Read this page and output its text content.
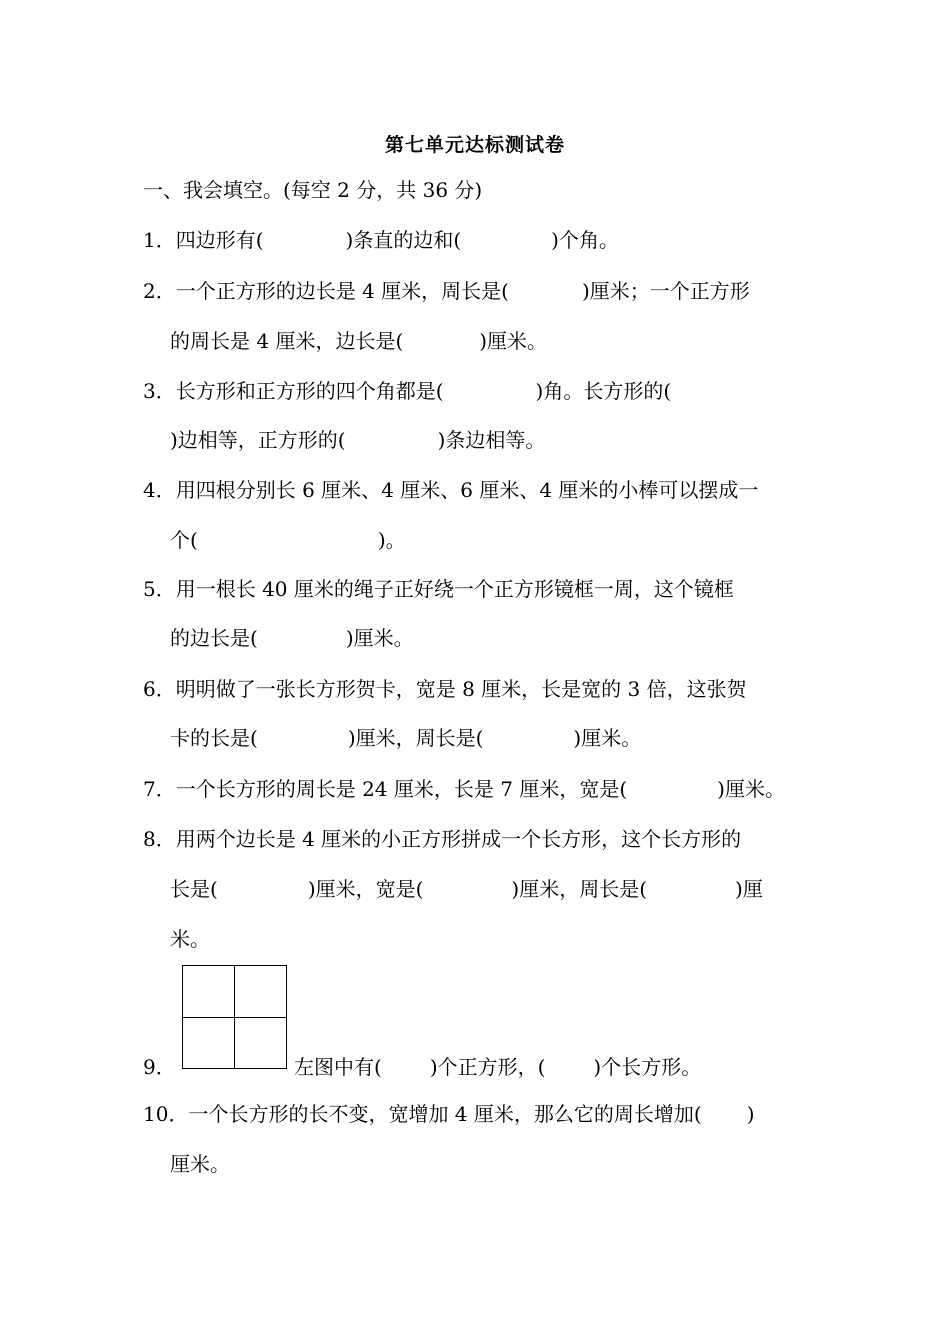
第七单元达标测试卷
一、我会填空。(每空 2 分，共 36 分)
1．四边形有(	)条直的边和(	)个角。
2．一个正方形的边长是 4 厘米，周长是(	)厘米；一个正方形
的周长是 4 厘米，边长是(	)厘米。
3．长方形和正方形的四个角都是(	)角。长方形的(
)边相等，正方形的(	)条边相等。
4．用四根分别长 6 厘米、4 厘米、6 厘米、4 厘米的小棒可以摆成一
个(	)。
5．用一根长 40 厘米的绳子正好绕一个正方形镜框一周，这个镜框
的边长是(	)厘米。
6．明明做了一张长方形贺卡，宽是 8 厘米，长是宽的 3 倍，这张贺
卡的长是(	)厘米，周长是(	)厘米。
7．一个长方形的周长是 24 厘米，长是 7 厘米，宽是(	)厘米。
8．用两个边长是 4 厘米的小正方形拼成一个长方形，这个长方形的
长是(	)厘米，宽是(	)厘米，周长是(	)厘
米。
9．	左图中有( )个正方形，( )个长方形。
10．一个长方形的长不变，宽增加 4 厘米，那么它的周长增加( )
厘米。
